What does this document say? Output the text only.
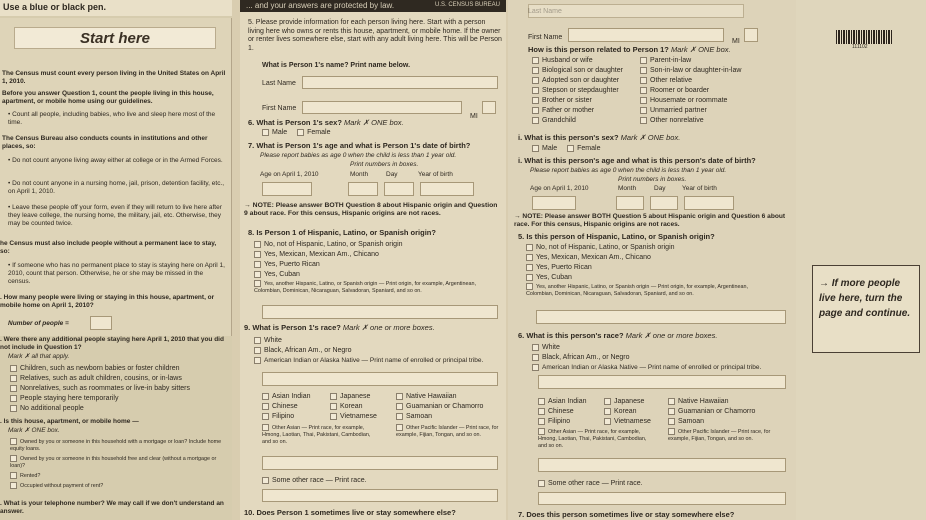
Use a blue or black pen.
Start here
The Census must count every person living in the United States on April 1, 2010.
Before you answer Question 1, count the people living in this house, apartment, or mobile home using our guidelines.
• Count all people, including babies, who live and sleep here most of the time.
The Census Bureau also conducts counts in institutions and other places, so:
• Do not count anyone living away either at college or in the Armed Forces.
• Do not count anyone in a nursing home, jail, prison, detention facility, etc., on April 1, 2010.
• Leave these people off your form, even if they will return to live here after they leave college, the nursing home, the military, jail, etc. Otherwise, they may be counted twice.
he Census must also include people without a permanent lace to stay, so:
• If someone who has no permanent place to stay is staying here on April 1, 2010, count that person. Otherwise, he or she may be missed in the census.
. How many people were living or staying in this house, apartment, or mobile home on April 1, 2010?
Number of people =
. Were there any additional people staying here April 1, 2010 that you did not include in Question 1?
Mark ✗ all that apply.
Children, such as newborn babies or foster children
Relatives, such as adult children, cousins, or in-laws
Nonrelatives, such as roommates or live-in baby sitters
People staying here temporarily
No additional people
. Is this house, apartment, or mobile home —
Mark ✗ ONE box.
Owned by you or someone in this household with a mortgage or loan? Include home equity loans.
Owned by you or someone in this household free and clear (without a mortgage or loan)?
Rented?
Occupied without payment of rent?
. What is your telephone number? We may call if we don't understand an answer.
... and your answers are protected by law.	U.S. CENSUS BUREAU
5. Please provide information for each person living here. Start with a person living here who owns or rents this house, apartment, or mobile home. If the owner or renter lives somewhere else, start with any adult living here. This will be Person 1.
What is Person 1's name? Print name below.
Last Name
First Name
MI
6. What is Person 1's sex? Mark ✗ ONE box.
Male	Female
7. What is Person 1's age and what is Person 1's date of birth?
Please report babies as age 0 when the child is less than 1 year old.
Print numbers in boxes.
Age on April 1, 2010	Month	Day	Year of birth
→ NOTE: Please answer BOTH Question 8 about Hispanic origin and Question 9 about race. For this census, Hispanic origins are not races.
8. Is Person 1 of Hispanic, Latino, or Spanish origin?
No, not of Hispanic, Latino, or Spanish origin
Yes, Mexican, Mexican Am., Chicano
Yes, Puerto Rican
Yes, Cuban
Yes, another Hispanic, Latino, or Spanish origin — Print origin, for example, Argentinean, Colombian, Dominican, Nicaraguan, Salvadoran, Spaniard, and so on.
9. What is Person 1's race? Mark ✗ one or more boxes.
White
Black, African Am., or Negro
American Indian or Alaska Native — Print name of enrolled or principal tribe.
Asian Indian	Japanese	Native Hawaiian
Chinese	Korean	Guamanian or Chamorro
Filipino	Vietnamese	Samoan
Other Asian — Print race, for example, Hmong, Laotian, Thai, Pakistani, Cambodian, and so on.
Other Pacific Islander — Print race, for example, Fijian, Tongan, and so on.
Some other race — Print race.
10. Does Person 1 sometimes live or stay somewhere else?
First Name
MI
How is this person related to Person 1? Mark ✗ ONE box.
Husband or wife
Biological son or daughter
Adopted son or daughter
Stepson or stepdaughter
Brother or sister
Father or mother
Grandchild
Parent-in-law
Son-in-law or daughter-in-law
Other relative
Roomer or boarder
Housemate or roommate
Unmarried partner
Other nonrelative
i. What is this person's sex? Mark ✗ ONE box.
Male	Female
i. What is this person's age and what is this person's date of birth?
Please report babies as age 0 when the child is less than 1 year old.
Print numbers in boxes.
Age on April 1, 2010	Month	Day	Year of birth
→ NOTE: Please answer BOTH Question 5 about Hispanic origin and Question 6 about race. For this census, Hispanic origins are not races.
5. Is this person of Hispanic, Latino, or Spanish origin?
No, not of Hispanic, Latino, or Spanish origin
Yes, Mexican, Mexican Am., Chicano
Yes, Puerto Rican
Yes, Cuban
Yes, another Hispanic, Latino, or Spanish origin — Print origin, for example, Argentinean, Colombian, Dominican, Nicaraguan, Salvadoran, Spaniard, and so on.
6. What is this person's race? Mark ✗ one or more boxes.
White
Black, African Am., or Negro
American Indian or Alaska Native — Print name of enrolled or principal tribe.
Asian Indian	Japanese	Native Hawaiian
Chinese	Korean	Guamanian or Chamorro
Filipino	Vietnamese	Samoan
Other Asian — Print race, for example, Hmong, Laotian, Thai, Pakistani, Cambodian, and so on.
Other Pacific Islander — Print race, for example, Fijian, Tongan, and so on.
Some other race — Print race.
7. Does this person sometimes live or stay somewhere else?
111102
→ If more people live here, turn the page and continue.
